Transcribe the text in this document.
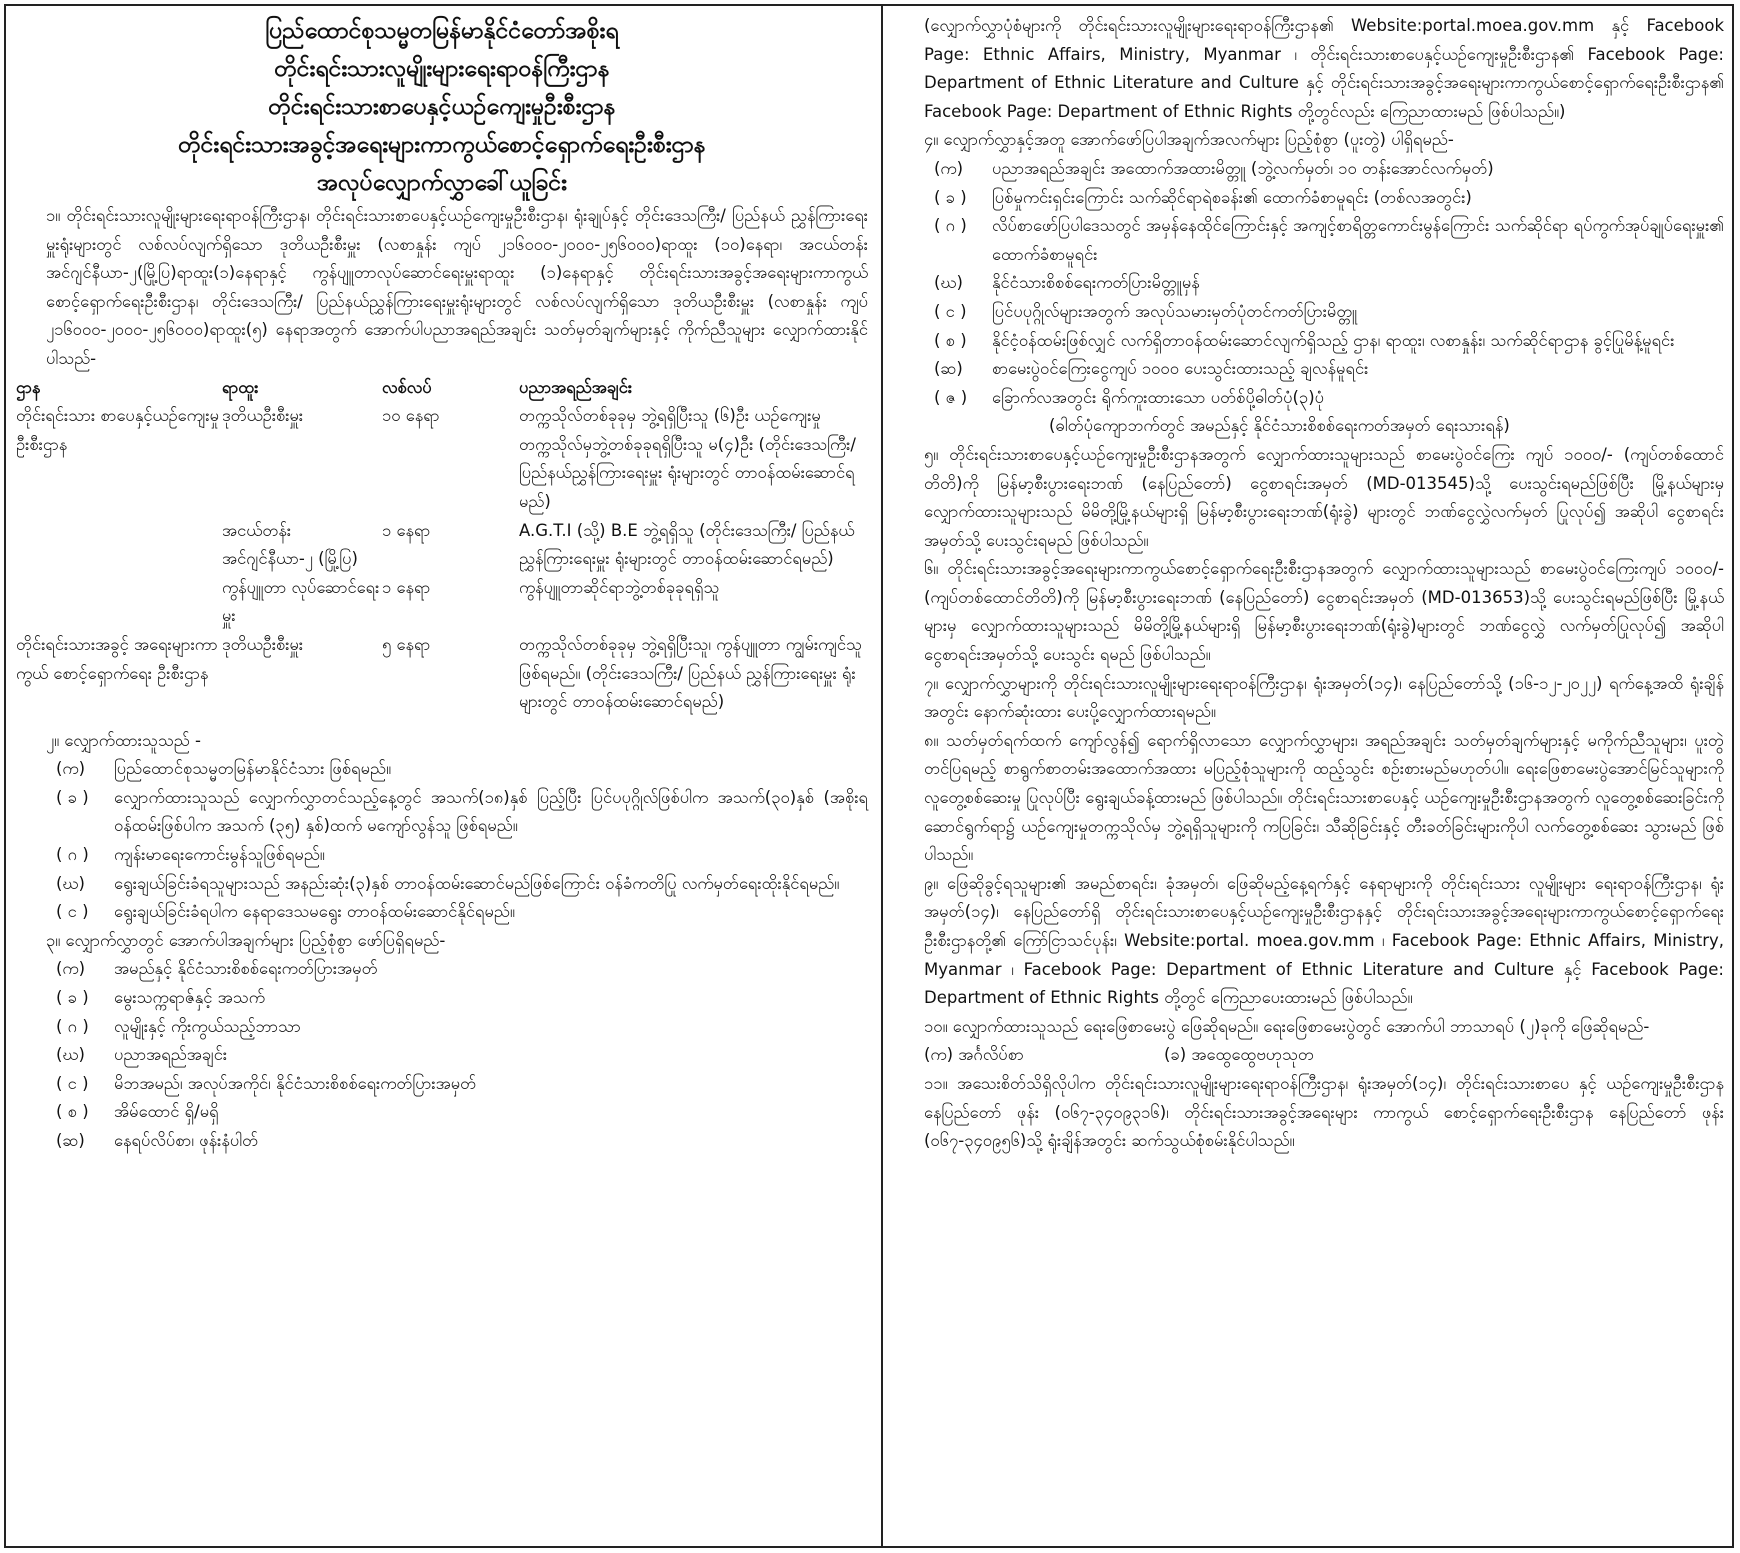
ပြည်ထောင်စုသမ္မတမြန်မာနိုင်ငံတော်အစိုးရ
တိုင်းရင်းသားလူမျိုးများရေးရာဝန်ကြီးဌာန
တိုင်းရင်းသားစာပေနှင့်ယဉ်ကျေးမှုဦးစီးဌာန
တိုင်းရင်းသားအခွင့်အရေးများကာကွယ်စောင့်ရှောက်ရေးဦးစီးဌာန
အလုပ်လျှောက်လွှာခေါ်ယူခြင်း

၁။ တိုင်းရင်းသားလူမျိုးများရေးရာဝန်ကြီးဌာန၊ တိုင်းရင်းသားစာပေနှင့်ယဉ်ကျေးမှုဦးစီးဌာန၊ ရုံးချုပ်နှင့် တိုင်းဒေသကြီး/ ပြည်နယ် ညွှန်ကြားရေးမှူးရုံးများတွင် လစ်လပ်လျက်ရှိသော ဒုတိယဦးစီးမှူး (လစာနှုန်း ကျပ် ၂၁၆၀၀၀-၂၀၀၀-၂၅၆၀၀၀)ရာထူး (၁၀)နေရာ၊ အငယ်တန်းအင်ဂျင်နီယာ-၂(မြို့ပြ)ရာထူး(၁)နေရာနှင့် ကွန်ပျူတာလုပ်ဆောင်ရေးမှူးရာထူး (၁)နေရာနှင့် တိုင်းရင်းသားအခွင့်အရေးများကာကွယ်စောင့်ရှောက်ရေးဦးစီးဌာန၊ တိုင်းဒေသကြီး/ ပြည်နယ်ညွှန်ကြားရေးမှူးရုံးများတွင် လစ်လပ်လျက်ရှိသော ဒုတိယဦးစီးမှူး (လစာနှုန်း ကျပ် ၂၁၆၀၀၀-၂၀၀၀-၂၅၆၀၀၀)ရာထူး(၅) နေရာအတွက် အောက်ပါပညာအရည်အချင်း သတ်မှတ်ချက်များနှင့် ကိုက်ညီသူများ လျှောက်ထားနိုင်ပါသည်-

ဌာန	ရာထူး	လစ်လပ်	ပညာအရည်အချင်း
တိုင်းရင်းသား စာပေနှင့်ယဉ်ကျေးမှု ဦးစီးဌာန	ဒုတိယဦးစီးမှူး	၁၀ နေရာ	တက္ကသိုလ်တစ်ခုခုမှ ဘွဲ့ရရှိပြီးသူ (၆)ဦး ယဉ်ကျေးမှုတက္ကသိုလ်မှဘွဲ့တစ်ခုခုရရှိပြီးသူ မ(၄)ဦး (တိုင်းဒေသကြီး/ ပြည်နယ်ညွှန်ကြားရေးမှူး ရုံးများတွင် တာဝန်ထမ်းဆောင်ရမည်)
	အငယ်တန်း အင်ဂျင်နီယာ-၂ (မြို့ပြ)	၁ နေရာ	A.G.T.I (သို့) B.E ဘွဲ့ရရှိသူ (တိုင်းဒေသကြီး/ ပြည်နယ် ညွှန်ကြားရေးမှူး ရုံးများတွင် တာဝန်ထမ်းဆောင်ရမည်)
	ကွန်ပျူတာ လုပ်ဆောင်ရေးမှူး	၁ နေရာ	ကွန်ပျူတာဆိုင်ရာဘွဲ့တစ်ခုခုရရှိသူ
တိုင်းရင်းသားအခွင့် အရေးများကာကွယ် စောင့်ရှောက်ရေး ဦးစီးဌာန	ဒုတိယဦးစီးမှူး	၅ နေရာ	တက္ကသိုလ်တစ်ခုခုမှ ဘွဲ့ရရှိပြီးသူ၊ ကွန်ပျူတာ ကျွမ်းကျင်သူဖြစ်ရမည်။ (တိုင်းဒေသကြီး/ ပြည်နယ် ညွှန်ကြားရေးမှူး ရုံးများတွင် တာဝန်ထမ်းဆောင်ရမည်)

၂။ လျှောက်ထားသူသည် -

(က)	ပြည်ထောင်စုသမ္မတမြန်မာနိုင်ငံသား ဖြစ်ရမည်။
( ခ )	လျှောက်ထားသူသည် လျှောက်လွှာတင်သည့်နေ့တွင် အသက်(၁၈)နှစ် ပြည့်ပြီး ပြင်ပပုဂ္ဂိုလ်ဖြစ်ပါက အသက်(၃၀)နှစ် (အစိုးရဝန်ထမ်းဖြစ်ပါက အသက် (၃၅) နှစ်)ထက် မကျော်လွန်သူ ဖြစ်ရမည်။
( ဂ )	ကျန်းမာရေးကောင်းမွန်သူဖြစ်ရမည်။
(ဃ)	ရွေးချယ်ခြင်းခံရသူများသည် အနည်းဆုံး(၃)နှစ် တာဝန်ထမ်းဆောင်မည်ဖြစ်ကြောင်း ဝန်ခံကတိပြု လက်မှတ်ရေးထိုးနိုင်ရမည်။
( င )	ရွေးချယ်ခြင်းခံရပါက နေရာဒေသမရွေး တာဝန်ထမ်းဆောင်နိုင်ရမည်။

၃။ လျှောက်လွှာတွင် အောက်ပါအချက်များ ပြည့်စုံစွာ ဖော်ပြရှိရမည်-

(က)	အမည်နှင့် နိုင်ငံသားစိစစ်ရေးကတ်ပြားအမှတ်
( ခ )	မွေးသက္ကရာဇ်နှင့် အသက်
( ဂ )	လူမျိုးနှင့် ကိုးကွယ်သည့်ဘာသာ
(ဃ)	ပညာအရည်အချင်း
( င )	မိဘအမည်၊ အလုပ်အကိုင်၊ နိုင်ငံသားစိစစ်ရေးကတ်ပြားအမှတ်
( စ )	အိမ်ထောင် ရှိ/မရှိ
(ဆ)	နေရပ်လိပ်စာ၊ ဖုန်းနံပါတ်

(လျှောက်လွှာပုံစံများကို တိုင်းရင်းသားလူမျိုးများရေးရာဝန်ကြီးဌာန၏ Website:portal.moea.gov.mm နှင့် Facebook Page: Ethnic Affairs, Ministry, Myanmar ၊ တိုင်းရင်းသားစာပေနှင့်ယဉ်ကျေးမှုဦးစီးဌာန၏ Facebook Page: Department of Ethnic Literature and Culture နှင့် တိုင်းရင်းသားအခွင့်အရေးများကာကွယ်စောင့်ရှောက်ရေးဦးစီးဌာန၏ Facebook Page: Department of Ethnic Rights တို့တွင်လည်း ကြေညာထားမည် ဖြစ်ပါသည်။)

၄။ လျှောက်လွှာနှင့်အတူ အောက်ဖော်ပြပါအချက်အလက်များ ပြည့်စုံစွာ (ပူးတွဲ) ပါရှိရမည်-

(က)	ပညာအရည်အချင်း အထောက်အထားမိတ္တူ (ဘွဲ့လက်မှတ်၊ ၁၀ တန်းအောင်လက်မှတ်)
( ခ )	ပြစ်မှုကင်းရှင်းကြောင်း သက်ဆိုင်ရာရဲစခန်း၏ ထောက်ခံစာမူရင်း (တစ်လအတွင်း)
( ဂ )	လိပ်စာဖော်ပြပါဒေသတွင် အမှန်နေထိုင်ကြောင်းနှင့် အကျင့်စာရိတ္တကောင်းမွန်ကြောင်း သက်ဆိုင်ရာ ရပ်ကွက်အုပ်ချုပ်ရေးမှူး၏ ထောက်ခံစာမူရင်း
(ဃ)	နိုင်ငံသားစိစစ်ရေးကတ်ပြားမိတ္တူမှန်
( င )	ပြင်ပပုဂ္ဂိုလ်များအတွက် အလုပ်သမားမှတ်ပုံတင်ကတ်ပြားမိတ္တူ
( စ )	နိုင်ငံ့ဝန်ထမ်းဖြစ်လျှင် လက်ရှိတာဝန်ထမ်းဆောင်လျက်ရှိသည့် ဌာန၊ ရာထူး၊ လစာနှုန်း၊ သက်ဆိုင်ရာဌာန ခွင့်ပြုမိန့်မူရင်း
(ဆ)	စာမေးပွဲဝင်ကြေးငွေကျပ် ၁၀၀၀ ပေးသွင်းထားသည့် ချလန်မူရင်း
( ဇ )	ခြောက်လအတွင်း ရိုက်ကူးထားသော ပတ်စ်ပို့ဓါတ်ပုံ(၃)ပုံ
(ဓါတ်ပုံကျောဘက်တွင် အမည်နှင့် နိုင်ငံသားစိစစ်ရေးကတ်အမှတ် ရေးသားရန်)

၅။ တိုင်းရင်းသားစာပေနှင့်ယဉ်ကျေးမှုဦးစီးဌာနအတွက် လျှောက်ထားသူများသည် စာမေးပွဲဝင်ကြေး ကျပ် ၁၀၀၀/- (ကျပ်တစ်ထောင်တိတိ)ကို မြန်မာ့စီးပွားရေးဘဏ် (နေပြည်တော်) ငွေစာရင်းအမှတ် (MD-013545)သို့ ပေးသွင်းရမည်ဖြစ်ပြီး မြို့နယ်များမှ လျှောက်ထားသူများသည် မိမိတို့မြို့နယ်များရှိ မြန်မာ့စီးပွားရေးဘဏ်(ရုံးခွဲ) များတွင် ဘဏ်ငွေလွှဲလက်မှတ် ပြုလုပ်၍ အဆိုပါ ငွေစာရင်းအမှတ်သို့ ပေးသွင်းရမည် ဖြစ်ပါသည်။

၆။ တိုင်းရင်းသားအခွင့်အရေးများကာကွယ်စောင့်ရှောက်ရေးဦးစီးဌာနအတွက် လျှောက်ထားသူများသည် စာမေးပွဲဝင်ကြေးကျပ် ၁၀၀၀/- (ကျပ်တစ်ထောင်တိတိ)ကို မြန်မာ့စီးပွားရေးဘဏ် (နေပြည်တော်) ငွေစာရင်းအမှတ် (MD-013653)သို့ ပေးသွင်းရမည်ဖြစ်ပြီး မြို့နယ်များမှ လျှောက်ထားသူများသည် မိမိတို့မြို့နယ်များရှိ မြန်မာ့စီးပွားရေးဘဏ်(ရုံးခွဲ)များတွင် ဘဏ်ငွေလွှဲ လက်မှတ်ပြုလုပ်၍ အဆိုပါ ငွေစာရင်းအမှတ်သို့ ပေးသွင်း ရမည် ဖြစ်ပါသည်။

၇။ လျှောက်လွှာများကို တိုင်းရင်းသားလူမျိုးများရေးရာဝန်ကြီးဌာန၊ ရုံးအမှတ်(၁၄)၊ နေပြည်တော်သို့ (၁၆-၁၂-၂၀၂၂) ရက်နေ့အထိ ရုံးချိန်အတွင်း နောက်ဆုံးထား ပေးပို့လျှောက်ထားရမည်။

၈။ သတ်မှတ်ရက်ထက် ကျော်လွန်၍ ရောက်ရှိလာသော လျှောက်လွှာများ၊ အရည်အချင်း သတ်မှတ်ချက်များနှင့် မကိုက်ညီသူများ၊ ပူးတွဲတင်ပြရမည့် စာရွက်စာတမ်းအထောက်အထား မပြည့်စုံသူများကို ထည့်သွင်း စဉ်းစားမည်မဟုတ်ပါ။ ရေးဖြေစာမေးပွဲအောင်မြင်သူများကို လူတွေ့စစ်ဆေးမှု ပြုလုပ်ပြီး ရွေးချယ်ခန့်ထားမည် ဖြစ်ပါသည်။ တိုင်းရင်းသားစာပေနှင့် ယဉ်ကျေးမှုဦးစီးဌာနအတွက် လူတွေ့စစ်ဆေးခြင်းကို ဆောင်ရွက်ရာ၌ ယဉ်ကျေးမှုတက္ကသိုလ်မှ ဘွဲ့ရရှိသူများကို ကပြခြင်း၊ သီဆိုခြင်းနှင့် တီးခတ်ခြင်းများကိုပါ လက်တွေ့စစ်ဆေး သွားမည် ဖြစ်ပါသည်။

၉။ ဖြေဆိုခွင့်ရသူများ၏ အမည်စာရင်း၊ ခုံအမှတ်၊ ဖြေဆိုမည့်နေ့ရက်နှင့် နေရာများကို တိုင်းရင်းသား လူမျိုးများ ရေးရာဝန်ကြီးဌာန၊ ရုံးအမှတ်(၁၄)၊ နေပြည်တော်ရှိ တိုင်းရင်းသားစာပေနှင့်ယဉ်ကျေးမှုဦးစီးဌာနနှင့် တိုင်းရင်းသားအခွင့်အရေးများကာကွယ်စောင့်ရှောက်ရေးဦးစီးဌာနတို့၏ ကြော်ငြာသင်ပုန်း၊ Website:portal. moea.gov.mm ၊ Facebook Page: Ethnic Affairs, Ministry, Myanmar ၊ Facebook Page: Department of Ethnic Literature and Culture နှင့် Facebook Page: Department of Ethnic Rights တို့တွင် ကြေညာပေးထားမည် ဖြစ်ပါသည်။

၁၀။ လျှောက်ထားသူသည် ရေးဖြေစာမေးပွဲ ဖြေဆိုရမည်။ ရေးဖြေစာမေးပွဲတွင် အောက်ပါ ဘာသာရပ် (၂)ခုကို ဖြေဆိုရမည်-

(က) အင်္ဂလိပ်စာ	(ခ) အထွေထွေဗဟုသုတ

၁၁။ အသေးစိတ်သိရှိလိုပါက တိုင်းရင်းသားလူမျိုးများရေးရာဝန်ကြီးဌာန၊ ရုံးအမှတ်(၁၄)၊ တိုင်းရင်းသားစာပေ နှင့် ယဉ်ကျေးမှုဦးစီးဌာန နေပြည်တော် ဖုန်း (၀၆၇-၃၄၀၉၃၁၆)၊ တိုင်းရင်းသားအခွင့်အရေးများ ကာကွယ် စောင့်ရှောက်ရေးဦးစီးဌာန နေပြည်တော် ဖုန်း (၀၆၇-၃၄၀၉၅၆)သို့ ရုံးချိန်အတွင်း ဆက်သွယ်စုံစမ်းနိုင်ပါသည်။
